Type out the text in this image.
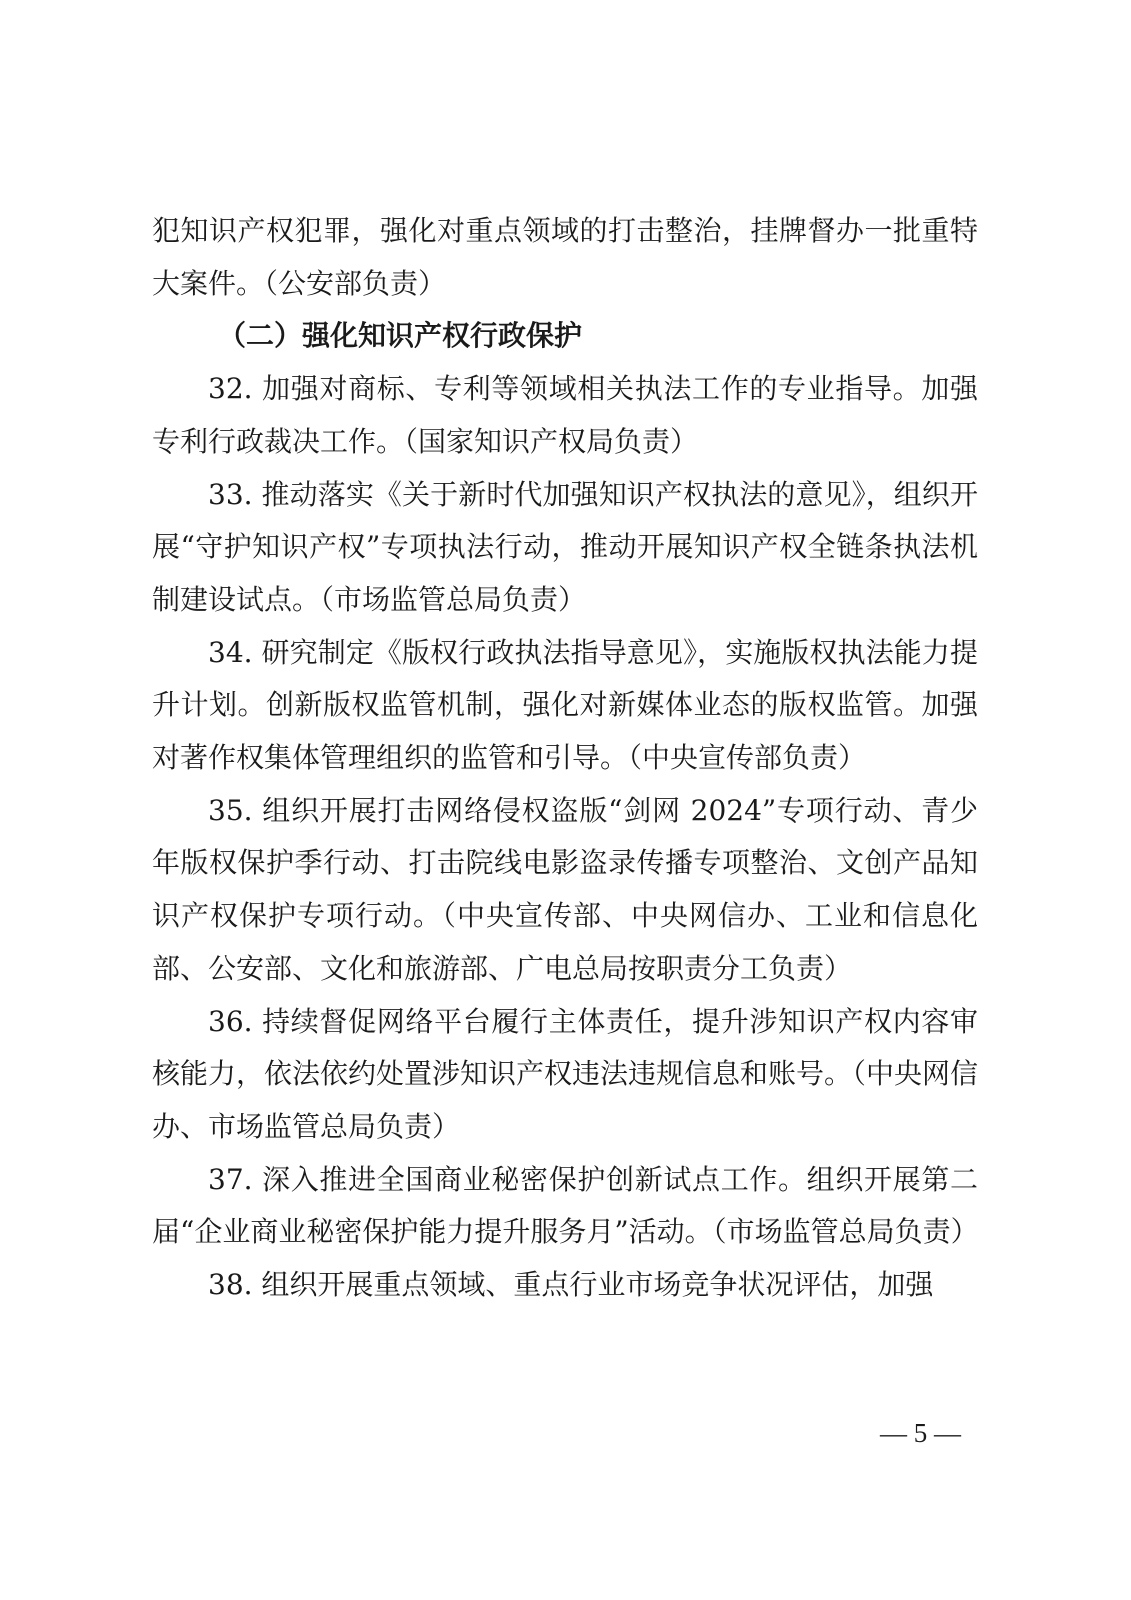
犯知识产权犯罪，强化对重点领域的打击整治，挂牌督办一批重特大案件。（公安部负责）

（二）强化知识产权行政保护

32. 加强对商标、专利等领域相关执法工作的专业指导。加强专利行政裁决工作。（国家知识产权局负责）

33. 推动落实《关于新时代加强知识产权执法的意见》，组织开展“守护知识产权”专项执法行动，推动开展知识产权全链条执法机制建设试点。（市场监管总局负责）

34. 研究制定《版权行政执法指导意见》，实施版权执法能力提升计划。创新版权监管机制，强化对新媒体业态的版权监管。加强对著作权集体管理组织的监管和引导。（中央宣传部负责）

35. 组织开展打击网络侵权盗版“剑网 2024”专项行动、青少年版权保护季行动、打击院线电影盗录传播专项整治、文创产品知识产权保护专项行动。（中央宣传部、中央网信办、工业和信息化部、公安部、文化和旅游部、广电总局按职责分工负责）

36. 持续督促网络平台履行主体责任，提升涉知识产权内容审核能力，依法依约处置涉知识产权违法违规信息和账号。（中央网信办、市场监管总局负责）

37. 深入推进全国商业秘密保护创新试点工作。组织开展第二届“企业商业秘密保护能力提升服务月”活动。（市场监管总局负责）

38. 组织开展重点领域、重点行业市场竞争状况评估，加强

— 5 —
